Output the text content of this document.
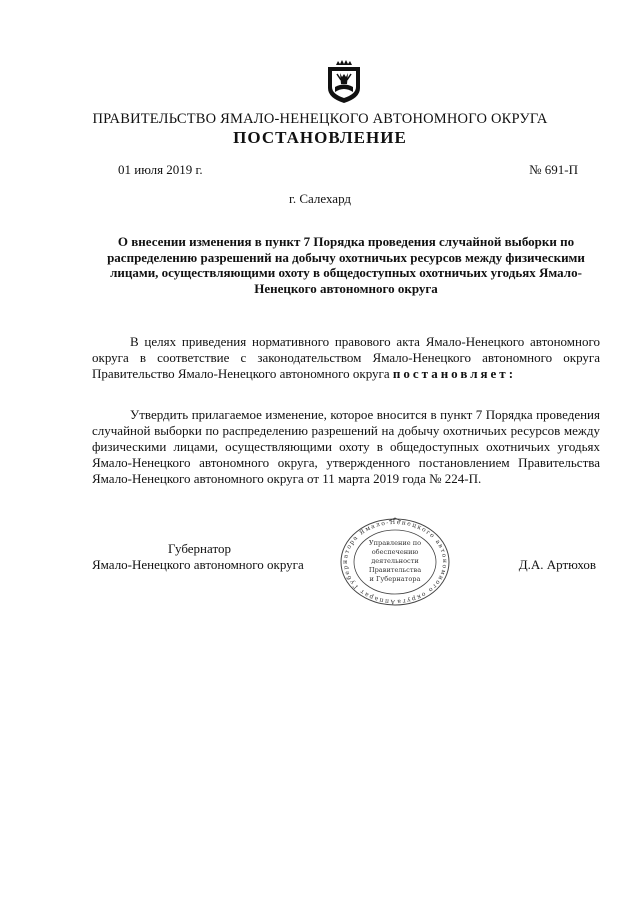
ПРАВИТЕЛЬСТВО ЯМАЛО-НЕНЕЦКОГО АВТОНОМНОГО ОКРУГА
ПОСТАНОВЛЕНИЕ
01 июля 2019 г.	№ 691-П
г. Салехард

О внесении изменения в пункт 7 Порядка проведения случайной выборки по распределению разрешений на добычу охотничьих ресурсов между физическими лицами, осуществляющими охоту в общедоступных охотничьих угодьях Ямало-Ненецкого автономного округа

В целях приведения нормативного правового акта Ямало-Ненецкого автономного округа в соответствие с законодательством Ямало-Ненецкого автономного округа Правительство Ямало-Ненецкого автономного округа постановляет:

Утвердить прилагаемое изменение, которое вносится в пункт 7 Порядка проведения случайной выборки по распределению разрешений на добычу охотничьих ресурсов между физическими лицами, осуществляющими охоту в общедоступных охотничьих угодьях Ямало-Ненецкого автономного округа, утвержденного постановлением Правительства Ямало-Ненецкого автономного округа от 11 марта 2019 года № 224-П.

Губернатор
Ямало-Ненецкого автономного округа	Д.А. Артюхов
Аппарат Губернатора Ямало-Ненецкого автономного округа
Управление по обеспечению деятельности Правительства и Губернатора
